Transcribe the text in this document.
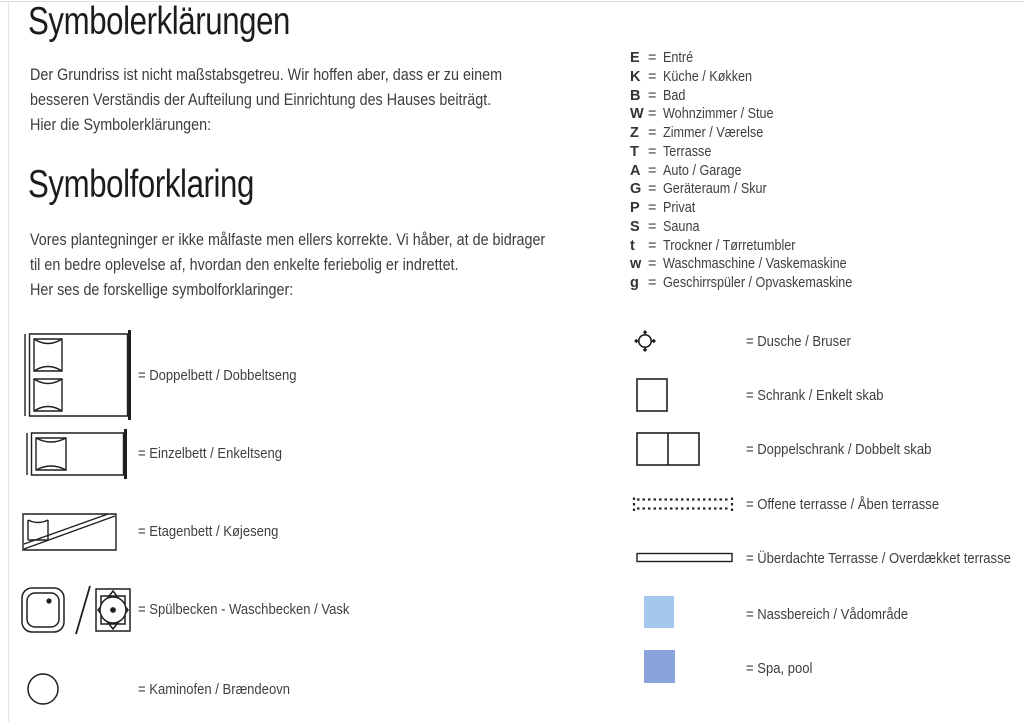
Symbolerklärungen
Der Grundriss ist nicht maßstabsgetreu. Wir hoffen aber, dass er zu einem
besseren Verständis der Aufteilung und Einrichtung des Hauses beiträgt.
Hier die Symbolerklärungen:
Symbolforklaring
Vores plantegninger er ikke målfaste men ellers korrekte. Vi håber, at de bidrager
til en bedre oplevelse af, hvordan den enkelte feriebolig er indrettet.
Her ses de forskellige symbolforklaringer:
E = Entré
K = Küche / Køkken
B = Bad
W = Wohnzimmer / Stue
Z = Zimmer / Værelse
T = Terrasse
A = Auto / Garage
G = Geräteraum / Skur
P = Privat
S = Sauna
t = Trockner / Tørretumbler
w = Waschmaschine / Vaskemaskine
g = Geschirrspüler / Opvaskemaskine
= Doppelbett / Dobbeltseng
= Einzelbett / Enkeltseng
= Etagenbett / Køjeseng
= Spülbecken - Waschbecken / Vask
= Kaminofen / Brændeovn
= Dusche / Bruser
= Schrank / Enkelt skab
= Doppelschrank / Dobbelt skab
= Offene terrasse / Åben terrasse
= Überdachte Terrasse / Overdækket terrasse
= Nassbereich / Vådområde
= Spa, pool
